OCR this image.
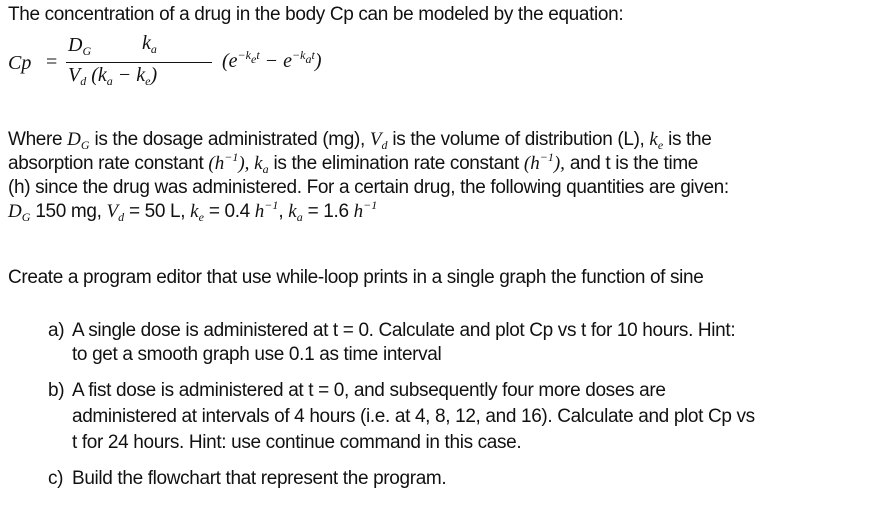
The concentration of a drug in the body Cp can be modeled by the equation:
Cp =
$D_G$	$k_a$
$V_d$ $(k_a - k_e)$
$(e^{-k_et} - e^{-k_at})$
Where $D_G$ is the dosage administrated (mg), $V_d$ is the volume of distribution (L), $k_e$ is the
absorption rate constant $(h^{-1})$, $k_a$ is the elimination rate constant $(h^{-1})$, and t is the time
(h) since the drug was administered. For a certain drug, the following quantities are given:
$D_G$ 150 mg, $V_d = 50$ L, $k_e = 0.4$ $h^{-1}$, $k_a = 1.6$ $h^{-1}$
Create a program editor that use while-loop prints in a single graph the function of sine
a) A single dose is administered at t = 0. Calculate and plot Cp vs t for 10 hours. Hint:
to get a smooth graph use 0.1 as time interval
b) A fist dose is administered at t = 0, and subsequently four more doses are
administered at intervals of 4 hours (i.e. at 4, 8, 12, and 16). Calculate and plot Cp vs
t for 24 hours. Hint: use continue command in this case.
c) Build the flowchart that represent the program.
